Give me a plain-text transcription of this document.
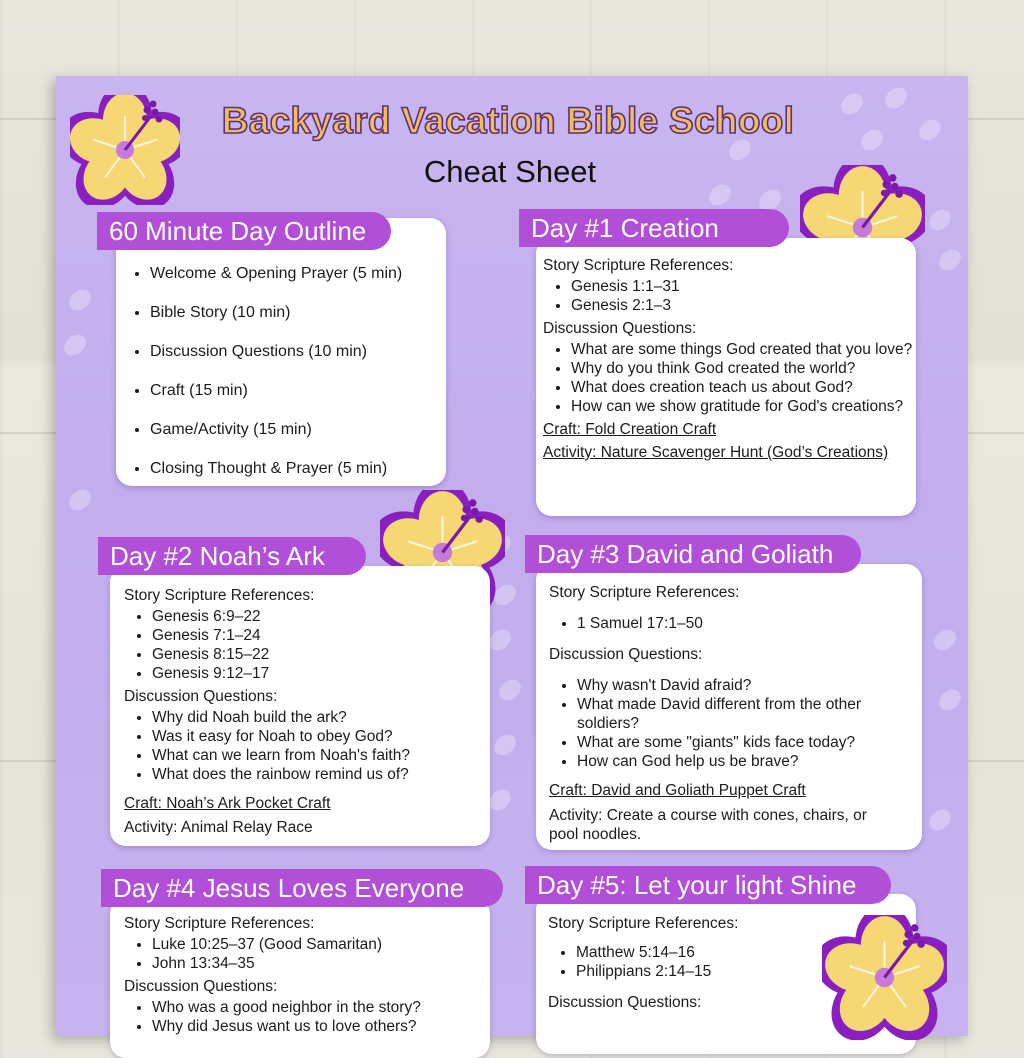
Backyard Vacation Bible School
Cheat Sheet
60 Minute Day Outline
• Welcome & Opening Prayer (5 min)
• Bible Story (10 min)
• Discussion Questions (10 min)
• Craft (15 min)
• Game/Activity (15 min)
• Closing Thought & Prayer (5 min)
Day #1 Creation

Story Scripture References:

• Genesis 1:1–31
• Genesis 2:1–3

Discussion Questions:

• What are some things God created that you love?
• Why do you think God created the world?
• What does creation teach us about God?
• How can we show gratitude for God's creations?

Craft: Fold Creation Craft

Activity: Nature Scavenger Hunt (God’s Creations)

Day #2 Noah’s Ark

Story Scripture References:

• Genesis 6:9–22
• Genesis 7:1–24
• Genesis 8:15–22
• Genesis 9:12–17

Discussion Questions:

• Why did Noah build the ark?
• Was it easy for Noah to obey God?
• What can we learn from Noah's faith?
• What does the rainbow remind us of?

Craft: Noah’s Ark Pocket Craft

Activity: Animal Relay Race

Day #3 David and Goliath

Story Scripture References:

• 1 Samuel 17:1–50

Discussion Questions:

• Why wasn't David afraid?
• What made David different from the other soldiers?
• What are some "giants" kids face today?
• How can God help us be brave?

Craft: David and Goliath Puppet Craft

Activity: Create a course with cones, chairs, or pool noodles.

Day #4 Jesus Loves Everyone

Story Scripture References:

• Luke 10:25–37 (Good Samaritan)
• John 13:34–35

Discussion Questions:

• Who was a good neighbor in the story?
• Why did Jesus want us to love others?
Day #5: Let your light Shine

Story Scripture References:

• Matthew 5:14–16
• Philippians 2:14–15

Discussion Questions:
